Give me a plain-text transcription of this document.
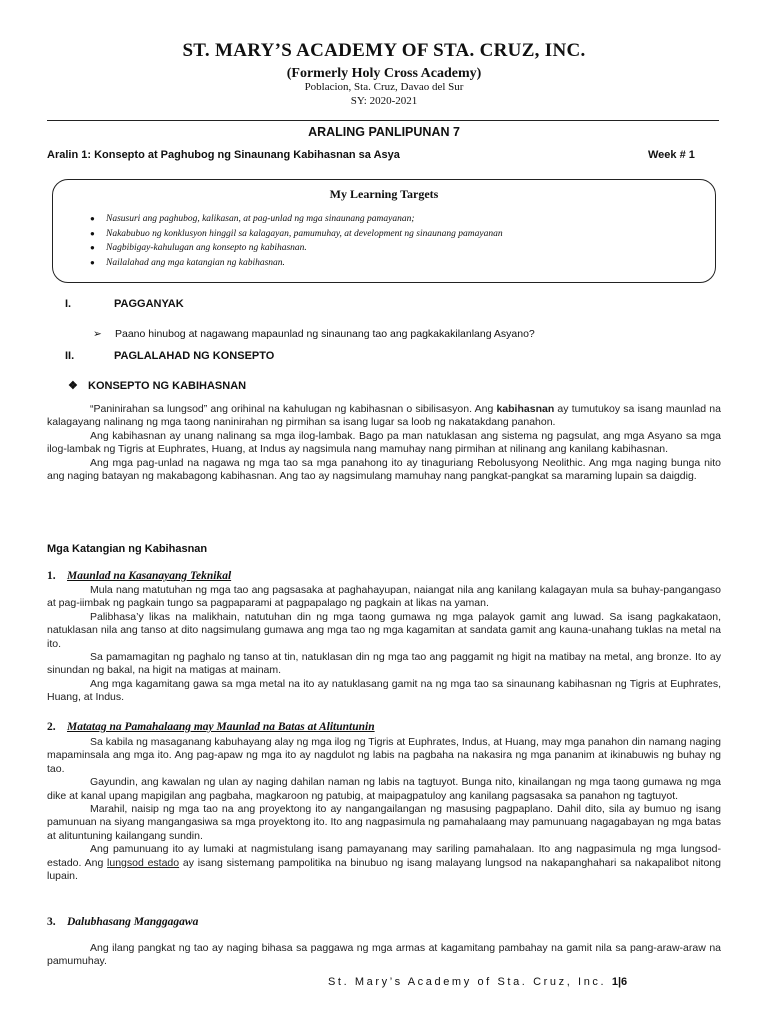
ST. MARY’S ACADEMY OF STA. CRUZ, INC.
(Formerly Holy Cross Academy)
Poblacion, Sta. Cruz, Davao del Sur
SY: 2020-2021
ARALING PANLIPUNAN 7
Aralin 1: Konsepto at Paghubog ng Sinaunang Kabihasnan sa Asya	Week # 1
My Learning Targets
● Nasusuri ang paghubog, kalikasan, at pag-unlad ng mga sinaunang pamayanan;
● Nakabubuo ng konklusyon hinggil sa kalagayan, pamumuhay, at development ng sinaunang pamayanan
● Nagbibigay-kahulugan ang konsepto ng kabihasnan.
● Nailalahad ang mga katangian ng kabihasnan.
I.	PAGGANYAK
➢ Paano hinubog at nagawang mapaunlad ng sinaunang tao ang pagkakakilanlang Asyano?
II.	PAGLALAHAD NG KONSEPTO
❖ KONSEPTO NG KABIHASNAN

“Paninirahan sa lungsod” ang orihinal na kahulugan ng kabihasnan o sibilisasyon. Ang kabihasnan ay tumutukoy sa isang maunlad na kalagayang nalinang ng mga taong naninirahan ng pirmihan sa isang lugar sa loob ng nakatakdang panahon.

Ang kabihasnan ay unang nalinang sa mga ilog-lambak. Bago pa man natuklasan ang sistema ng pagsulat, ang mga Asyano sa mga ilog-lambak ng Tigris at Euphrates, Huang, at Indus ay nagsimula nang mamuhay nang pirmihan at nilinang ang kanilang kabihasnan.

Ang mga pag-unlad na nagawa ng mga tao sa mga panahong ito ay tinaguriang Rebolusyong Neolithic. Ang mga naging bunga nito ang naging batayan ng makabagong kabihasnan. Ang tao ay nagsimulang mamuhay nang pangkat-pangkat sa maraming lupain sa daigdig.

Mga Katangian ng Kabihasnan
1. Maunlad na Kasanayang Teknikal

Mula nang matutuhan ng mga tao ang pagsasaka at paghahayupan, naiangat nila ang kanilang kalagayan mula sa buhay-pangangaso at pag-iimbak ng pagkain tungo sa pagpaparami at pagpapalago ng pagkain at likas na yaman.

Palibhasa’y likas na malikhain, natutuhan din ng mga taong gumawa ng mga palayok gamit ang luwad. Sa isang pagkakataon, natuklasan nila ang tanso at dito nagsimulang gumawa ang mga tao ng mga kagamitan at sandata gamit ang kauna-unahang tuklas na metal na ito.

Sa pamamagitan ng paghalo ng tanso at tin, natuklasan din ng mga tao ang paggamit ng higit na matibay na metal, ang bronze. Ito ay sinundan ng bakal, na higit na matigas at mainam.

Ang mga kagamitang gawa sa mga metal na ito ay natuklasang gamit na ng mga tao sa sinaunang kabihasnan ng Tigris at Euphrates, Huang, at Indus.

2. Matatag na Pamahalaang may Maunlad na Batas at Alituntunin

Sa kabila ng masaganang kabuhayang alay ng mga ilog ng Tigris at Euphrates, Indus, at Huang, may mga panahon din namang naging mapaminsala ang mga ito. Ang pag-apaw ng mga ito ay nagdulot ng labis na pagbaha na nakasira ng mga pananim at ikinabuwis ng buhay ng tao.

Gayundin, ang kawalan ng ulan ay naging dahilan naman ng labis na tagtuyot. Bunga nito, kinailangan ng mga taong gumawa ng mga dike at kanal upang mapigilan ang pagbaha, magkaroon ng patubig, at maipagpatuloy ang kanilang pagsasaka sa panahon ng tagtuyot.

Marahil, naisip ng mga tao na ang proyektong ito ay nangangailangan ng masusing pagpaplano. Dahil dito, sila ay bumuo ng isang pamunuan na siyang mangangasiwa sa mga proyektong ito. Ito ang nagpasimula ng pamahalaang may pamunuang nagagabayan ng mga batas at alituntuning kailangang sundin.

Ang pamunuang ito ay lumaki at nagmistulang isang pamayanang may sariling pamahalaan. Ito ang nagpasimula ng mga lungsod-estado. Ang lungsod estado ay isang sistemang pampolitika na binubuo ng isang malayang lungsod na nakapanghahari sa nakapalibot nitong lupain.

3. Dalubhasang Manggagawa

Ang ilang pangkat ng tao ay naging bihasa sa paggawa ng mga armas at kagamitang pambahay na gamit nila sa pang-araw-araw na pamumuhay.

St. Mary’s Academy of Sta. Cruz, Inc. 1|6
